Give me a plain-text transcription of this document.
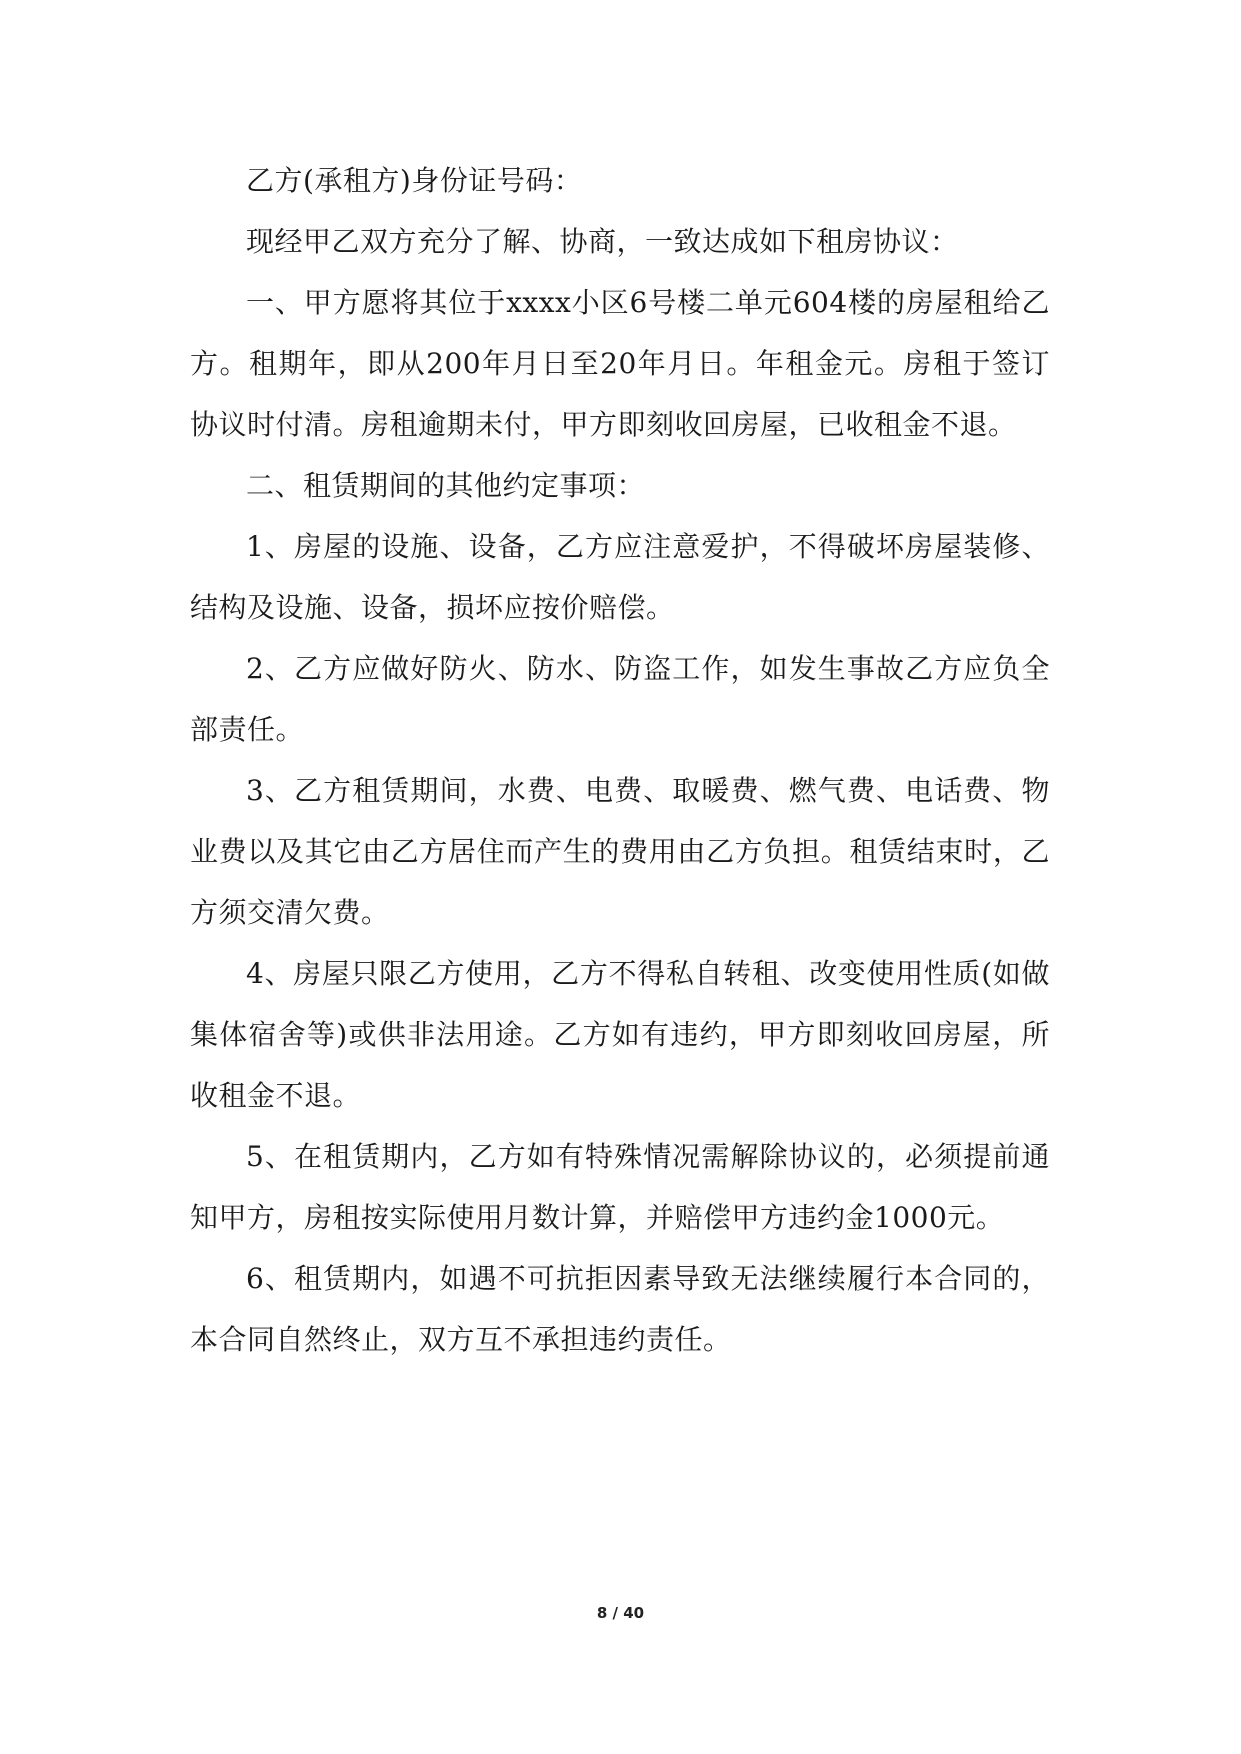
乙方(承租方)身份证号码：

现经甲乙双方充分了解、协商，一致达成如下租房协议：

一、甲方愿将其位于xxxx小区6号楼二单元604楼的房屋租给乙方。租期年，即从200年月日至20年月日。年租金元。房租于签订协议时付清。房租逾期未付，甲方即刻收回房屋，已收租金不退。

二、租赁期间的其他约定事项：

1、房屋的设施、设备，乙方应注意爱护，不得破坏房屋装修、结构及设施、设备，损坏应按价赔偿。

2、乙方应做好防火、防水、防盗工作，如发生事故乙方应负全部责任。

3、乙方租赁期间，水费、电费、取暖费、燃气费、电话费、物业费以及其它由乙方居住而产生的费用由乙方负担。租赁结束时，乙方须交清欠费。

4、房屋只限乙方使用，乙方不得私自转租、改变使用性质(如做集体宿舍等)或供非法用途。乙方如有违约，甲方即刻收回房屋，所收租金不退。

5、在租赁期内，乙方如有特殊情况需解除协议的，必须提前通知甲方，房租按实际使用月数计算，并赔偿甲方违约金1000元。

6、租赁期内，如遇不可抗拒因素导致无法继续履行本合同的，本合同自然终止，双方互不承担违约责任。

8 / 40
